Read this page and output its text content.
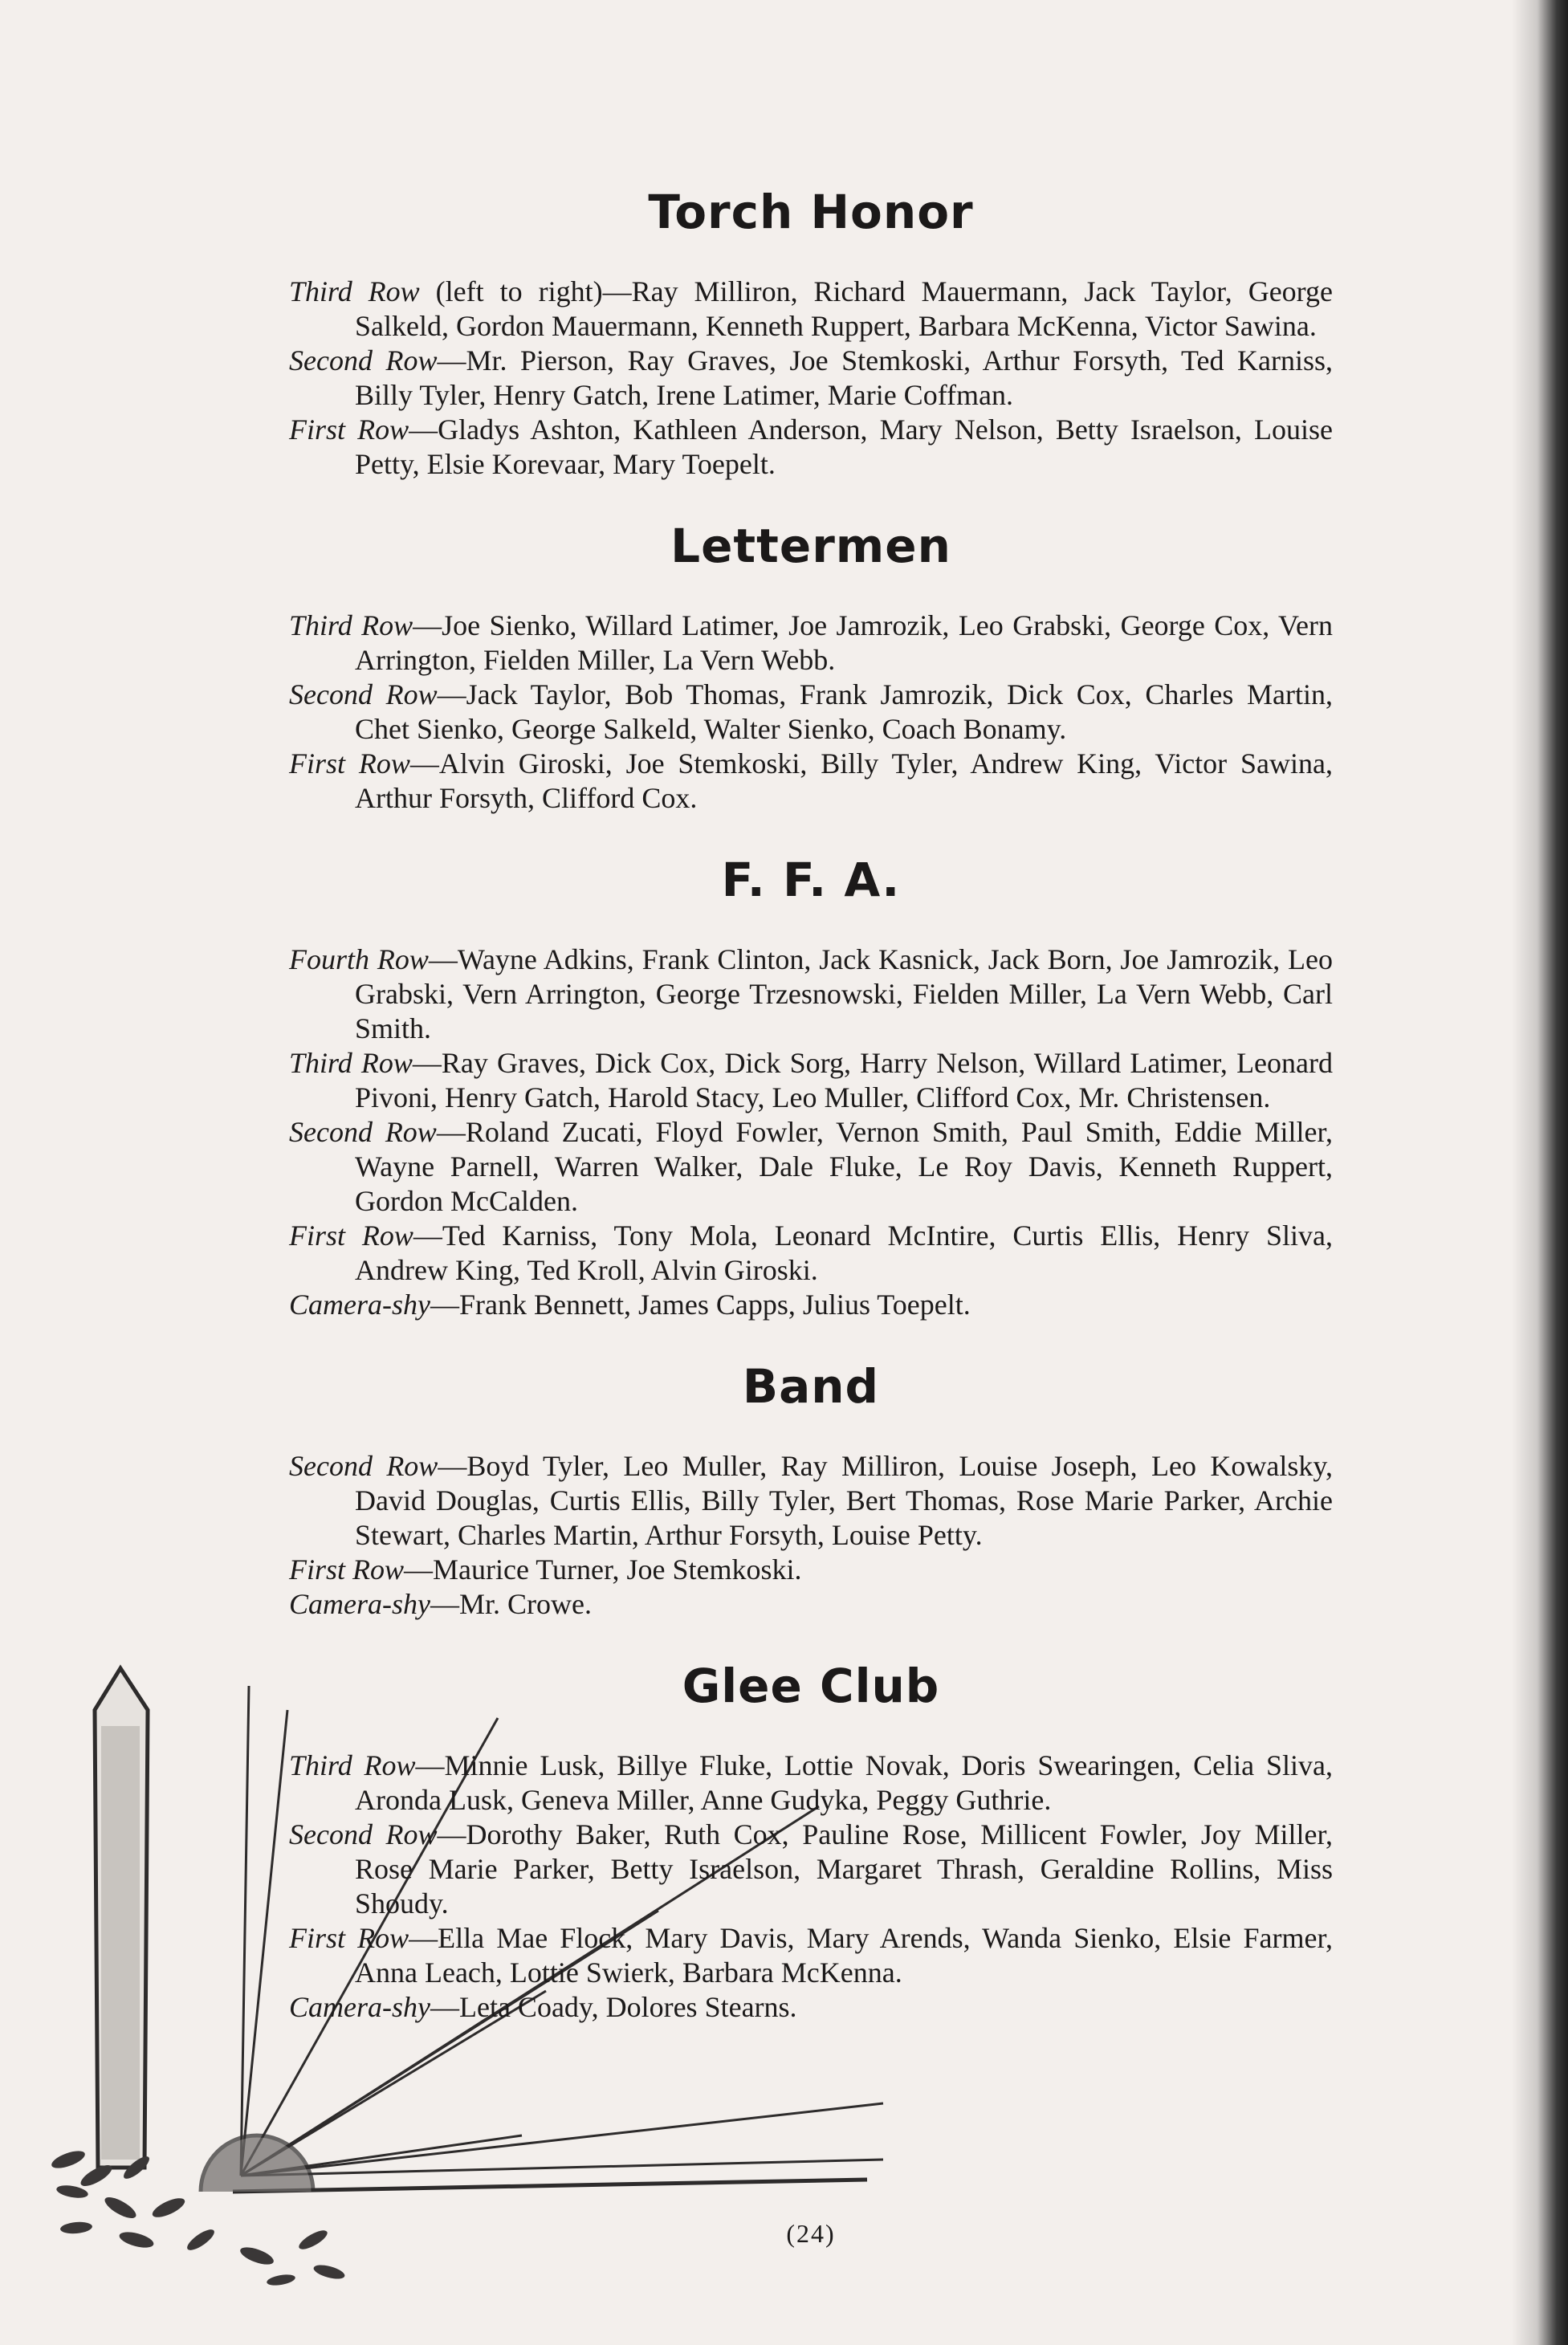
Torch Honor

Third Row (left to right)—Ray Milliron, Richard Mauermann, Jack Taylor, George Salkeld, Gordon Mauermann, Kenneth Ruppert, Barbara McKenna, Victor Sawina.

Second Row—Mr. Pierson, Ray Graves, Joe Stemkoski, Arthur Forsyth, Ted Karniss, Billy Tyler, Henry Gatch, Irene Latimer, Marie Coffman.

First Row—Gladys Ashton, Kathleen Anderson, Mary Nelson, Betty Israelson, Louise Petty, Elsie Korevaar, Mary Toepelt.

Lettermen

Third Row—Joe Sienko, Willard Latimer, Joe Jamrozik, Leo Grabski, George Cox, Vern Arrington, Fielden Miller, La Vern Webb.

Second Row—Jack Taylor, Bob Thomas, Frank Jamrozik, Dick Cox, Charles Martin, Chet Sienko, George Salkeld, Walter Sienko, Coach Bonamy.

First Row—Alvin Giroski, Joe Stemkoski, Billy Tyler, Andrew King, Victor Sawina, Arthur Forsyth, Clifford Cox.

F. F. A.

Fourth Row—Wayne Adkins, Frank Clinton, Jack Kasnick, Jack Born, Joe Jamrozik, Leo Grabski, Vern Arrington, George Trzesnowski, Fielden Miller, La Vern Webb, Carl Smith.

Third Row—Ray Graves, Dick Cox, Dick Sorg, Harry Nelson, Willard Latimer, Leonard Pivoni, Henry Gatch, Harold Stacy, Leo Muller, Clifford Cox, Mr. Christensen.

Second Row—Roland Zucati, Floyd Fowler, Vernon Smith, Paul Smith, Eddie Miller, Wayne Parnell, Warren Walker, Dale Fluke, Le Roy Davis, Kenneth Ruppert, Gordon McCalden.

First Row—Ted Karniss, Tony Mola, Leonard McIntire, Curtis Ellis, Henry Sliva, Andrew King, Ted Kroll, Alvin Giroski.

Camera-shy—Frank Bennett, James Capps, Julius Toepelt.

Band

Second Row—Boyd Tyler, Leo Muller, Ray Milliron, Louise Joseph, Leo Kowalsky, David Douglas, Curtis Ellis, Billy Tyler, Bert Thomas, Rose Marie Parker, Archie Stewart, Charles Martin, Arthur Forsyth, Louise Petty.

First Row—Maurice Turner, Joe Stemkoski.

Camera-shy—Mr. Crowe.

Glee Club

Third Row—Minnie Lusk, Billye Fluke, Lottie Novak, Doris Swearingen, Celia Sliva, Aronda Lusk, Geneva Miller, Anne Gudyka, Peggy Guthrie.

Second Row—Dorothy Baker, Ruth Cox, Pauline Rose, Millicent Fowler, Joy Miller, Rose Marie Parker, Betty Israelson, Margaret Thrash, Geraldine Rollins, Miss Shoudy.

First Row—Ella Mae Flock, Mary Davis, Mary Arends, Wanda Sienko, Elsie Farmer, Anna Leach, Lottie Swierk, Barbara McKenna.

Camera-shy—Leta Coady, Dolores Stearns.

(24)
